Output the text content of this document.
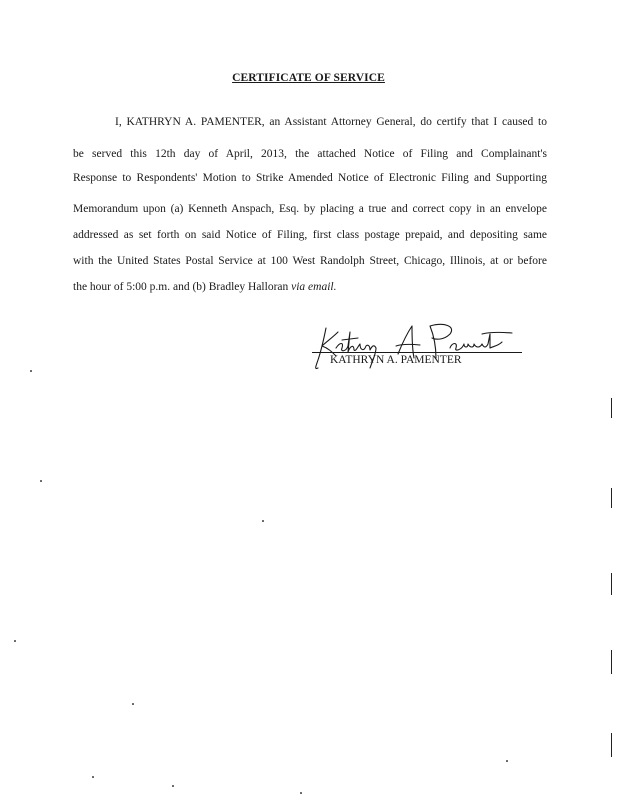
CERTIFICATE OF SERVICE
I, KATHRYN A. PAMENTER, an Assistant Attorney General, do certify that I caused to
be served this 12th day of April, 2013, the attached Notice of Filing and Complainant's
Response to Respondents' Motion to Strike Amended Notice of Electronic Filing and Supporting
Memorandum upon (a) Kenneth Anspach, Esq. by placing a true and correct copy in an envelope
addressed as set forth on said Notice of Filing, first class postage prepaid, and depositing same
with the United States Postal Service at 100 West Randolph Street, Chicago, Illinois, at or before
the hour of 5:00 p.m. and (b) Bradley Halloran via email.
KATHRYN A. PAMENTER
